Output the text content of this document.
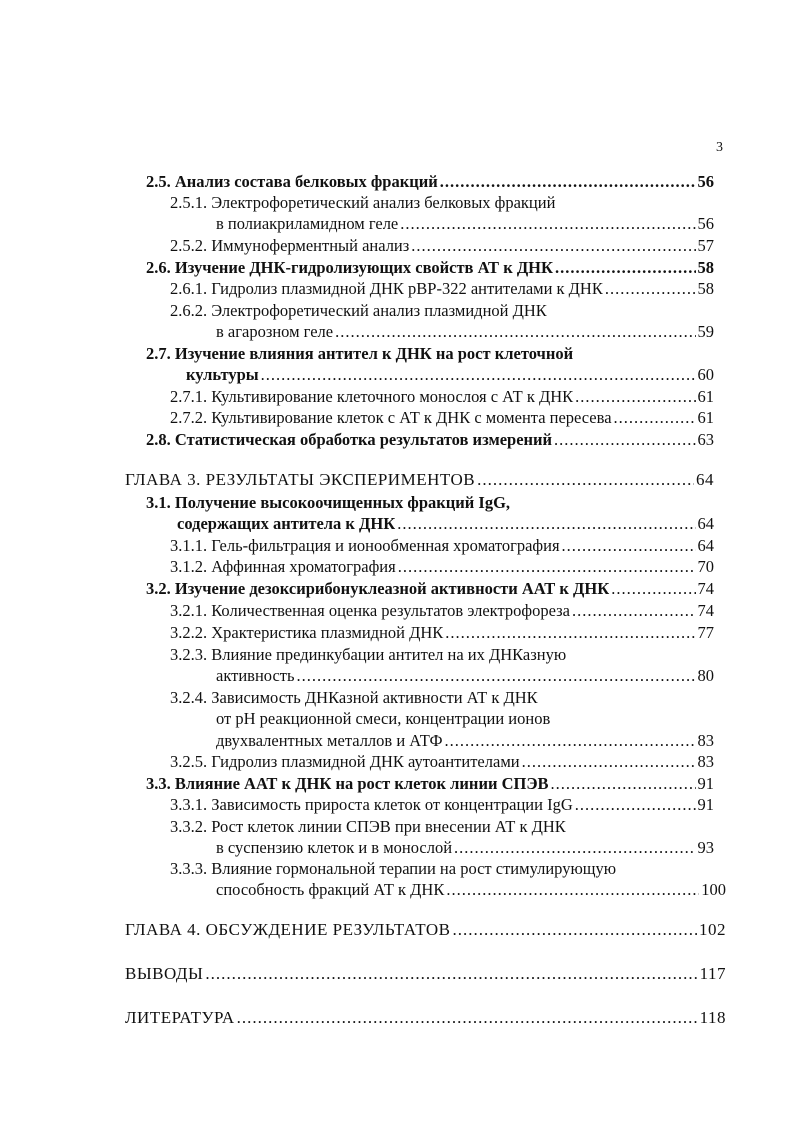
3
2.5. Анализ состава белковых фракций .....	56
2.5.1. Электрофоретический анализ белковых фракций
в полиакриламидном геле .....	56
2.5.2. Иммуноферментный анализ .....	57
2.6. Изучение ДНК-гидролизующих свойств АТ к ДНК .....	58
2.6.1. Гидролиз плазмидной ДНК рВР-322 антителами к ДНК .....	58
2.6.2. Электрофоретический анализ плазмидной ДНК
в агарозном геле .....	59
2.7. Изучение влияния антител к ДНК на рост клеточной
культуры .....	60
2.7.1. Культивирование клеточного монослоя с АТ к ДНК .....	61
2.7.2. Культивирование клеток с АТ к ДНК с момента пересева .....	61
2.8. Статистическая обработка результатов измерений .....	63
ГЛАВА 3. РЕЗУЛЬТАТЫ ЭКСПЕРИМЕНТОВ .....	64
3.1. Получение высокоочищенных фракций IgG,
содержащих антитела к ДНК .....	64
3.1.1. Гель-фильтрация и ионообменная хроматография .....	64
3.1.2. Аффинная хроматография .....	70
3.2. Изучение дезоксирибонуклеазной активности ААТ к ДНК .....	74
3.2.1. Количественная оценка результатов электрофореза .....	74
3.2.2. Храктеристика плазмидной ДНК .....	77
3.2.3. Влияние прединкубации антител на их ДНКазную
активность .....	80
3.2.4. Зависимость ДНКазной активности АТ к ДНК
от рН реакционной смеси, концентрации ионов
двухвалентных металлов и АТФ .....	83
3.2.5. Гидролиз плазмидной ДНК аутоантителами .....	83
3.3. Влияние ААТ к ДНК на рост клеток линии СПЭВ .....	91
3.3.1. Зависимость прироста клеток от концентрации IgG .....	91
3.3.2. Рост клеток линии СПЭВ при внесении АТ к ДНК
в суспензию клеток и в монослой .....	93
3.3.3. Влияние гормональной терапии на рост стимулирующую
способность фракций АТ к ДНК .....	100
ГЛАВА 4. ОБСУЖДЕНИЕ РЕЗУЛЬТАТОВ .....	102
ВЫВОДЫ .....	117
ЛИТЕРАТУРА .....	118
